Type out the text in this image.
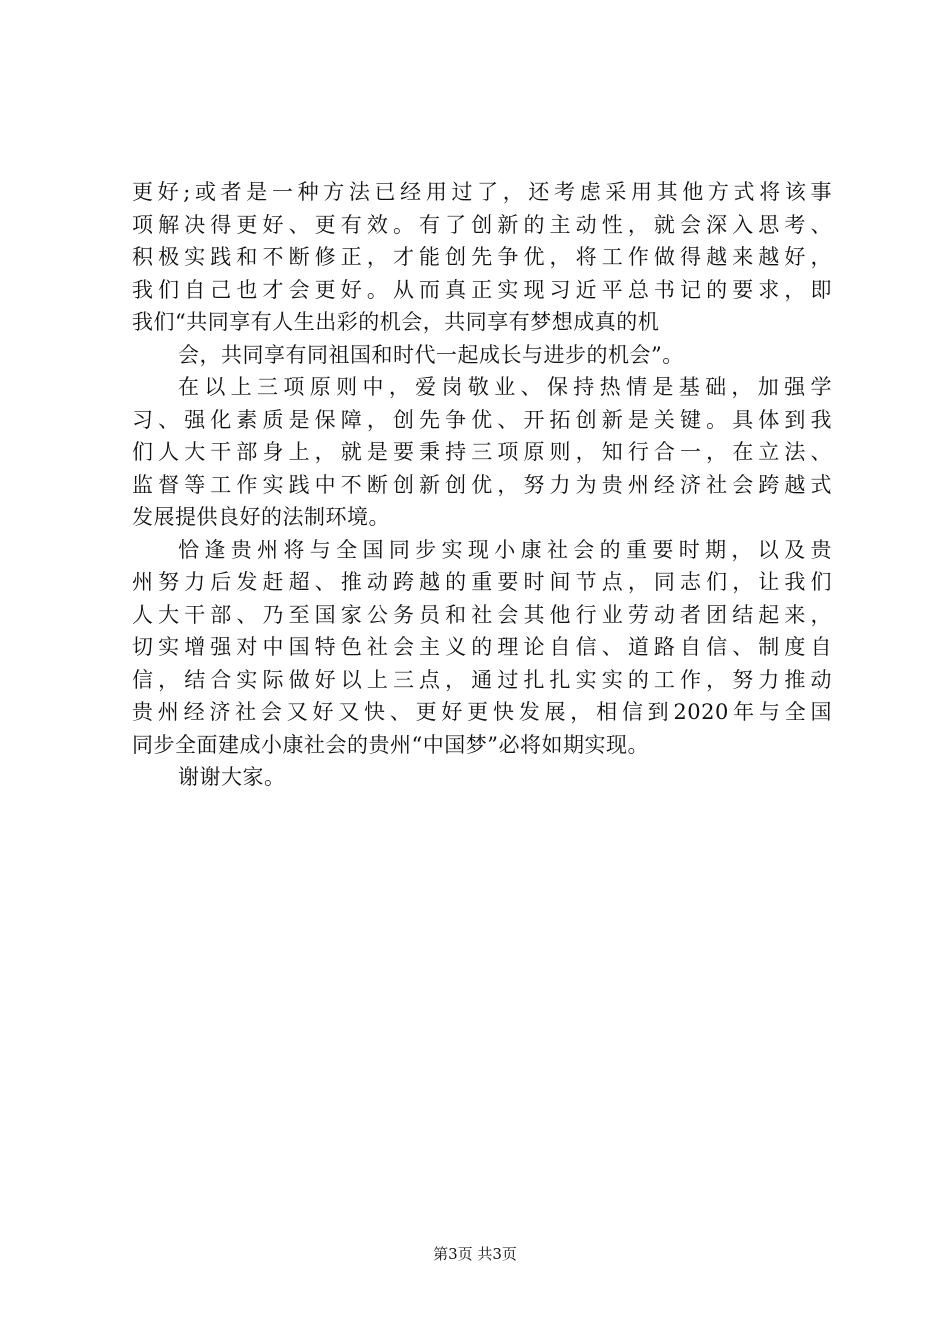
更好;或者是一种方法已经用过了，还考虑采用其他方式将该事
项解决得更好、更有效。有了创新的主动性，就会深入思考、
积极实践和不断修正，才能创先争优，将工作做得越来越好，
我们自己也才会更好。从而真正实现习近平总书记的要求，即
我们“共同享有人生出彩的机会，共同享有梦想成真的机
会，共同享有同祖国和时代一起成长与进步的机会”。
在以上三项原则中，爱岗敬业、保持热情是基础，加强学
习、强化素质是保障，创先争优、开拓创新是关键。具体到我
们人大干部身上，就是要秉持三项原则，知行合一，在立法、
监督等工作实践中不断创新创优，努力为贵州经济社会跨越式
发展提供良好的法制环境。
恰逢贵州将与全国同步实现小康社会的重要时期，以及贵
州努力后发赶超、推动跨越的重要时间节点，同志们，让我们
人大干部、乃至国家公务员和社会其他行业劳动者团结起来，
切实增强对中国特色社会主义的理论自信、道路自信、制度自
信，结合实际做好以上三点，通过扎扎实实的工作，努力推动
贵州经济社会又好又快、更好更快发展，相信到2020年与全国
同步全面建成小康社会的贵州“中国梦”必将如期实现。
谢谢大家。
第3页 共3页
